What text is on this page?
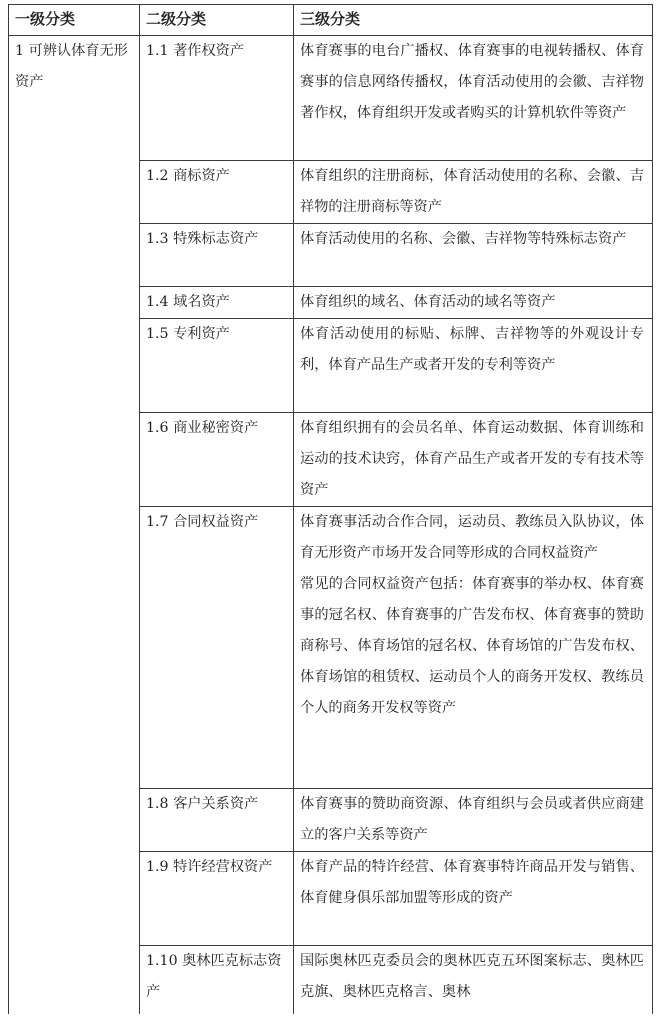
一级分类	二级分类	三级分类
1 可辨认体育无形资产	1.1 著作权资产	体育赛事的电台广播权、体育赛事的电视转播权、体育赛事的信息网络传播权，体育活动使用的会徽、吉祥物著作权，体育组织开发或者购买的计算机软件等资产
	1.2 商标资产	体育组织的注册商标，体育活动使用的名称、会徽、吉祥物的注册商标等资产
	1.3 特殊标志资产	体育活动使用的名称、会徽、吉祥物等特殊标志资产
	1.4 域名资产	体育组织的域名、体育活动的域名等资产
	1.5 专利资产	体育活动使用的标贴、标牌、吉祥物等的外观设计专利，体育产品生产或者开发的专利等资产
	1.6 商业秘密资产	体育组织拥有的会员名单、体育运动数据、体育训练和运动的技术诀窍，体育产品生产或者开发的专有技术等资产
	1.7 合同权益资产	体育赛事活动合作合同，运动员、教练员入队协议，体育无形资产市场开发合同等形成的合同权益资产
常见的合同权益资产包括：体育赛事的举办权、体育赛事的冠名权、体育赛事的广告发布权、体育赛事的赞助商称号、体育场馆的冠名权、体育场馆的广告发布权、体育场馆的租赁权、运动员个人的商务开发权、教练员个人的商务开发权等资产

	1.8 客户关系资产	体育赛事的赞助商资源、体育组织与会员或者供应商建立的客户关系等资产
	1.9 特许经营权资产	体育产品的特许经营、体育赛事特许商品开发与销售、体育健身俱乐部加盟等形成的资产
	1.10 奥林匹克标志资产	国际奥林匹克委员会的奥林匹克五环图案标志、奥林匹克旗、奥林匹克格言、奥林
